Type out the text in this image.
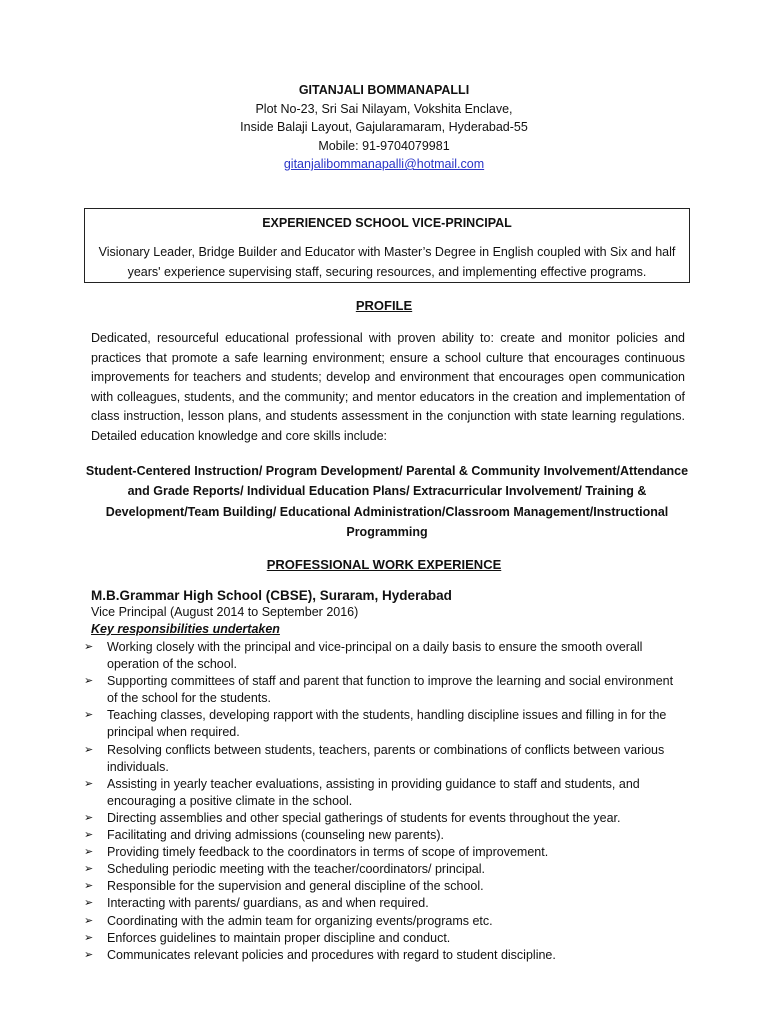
GITANJALI BOMMANAPALLI
Plot No-23, Sri Sai Nilayam, Vokshita Enclave,
Inside Balaji Layout, Gajularamaram, Hyderabad-55
Mobile: 91-9704079981
gitanjalibommanapalli@hotmail.com
EXPERIENCED SCHOOL VICE-PRINCIPAL
Visionary Leader, Bridge Builder and Educator with Master’s Degree in English coupled with Six and half years' experience supervising staff, securing resources, and implementing effective programs.
PROFILE
Dedicated, resourceful educational professional with proven ability to: create and monitor policies and practices that promote a safe learning environment; ensure a school culture that encourages continuous improvements for teachers and students; develop and environment that encourages open communication with colleagues, students, and the community; and mentor educators in the creation and implementation of class instruction, lesson plans, and students assessment in the conjunction with state learning regulations. Detailed education knowledge and core skills include:
Student-Centered Instruction/ Program Development/ Parental & Community Involvement/Attendance and Grade Reports/ Individual Education Plans/ Extracurricular Involvement/ Training & Development/Team Building/ Educational Administration/Classroom Management/Instructional Programming
PROFESSIONAL WORK EXPERIENCE
M.B.Grammar High School (CBSE), Suraram, Hyderabad
Vice Principal (August 2014 to September 2016)
Key responsibilities undertaken
➢ Working closely with the principal and vice-principal on a daily basis to ensure the smooth overall operation of the school.
➢ Supporting committees of staff and parent that function to improve the learning and social environment of the school for the students.
➢ Teaching classes, developing rapport with the students, handling discipline issues and filling in for the principal when required.
➢ Resolving conflicts between students, teachers, parents or combinations of conflicts between various individuals.
➢ Assisting in yearly teacher evaluations, assisting in providing guidance to staff and students, and encouraging a positive climate in the school.
➢ Directing assemblies and other special gatherings of students for events throughout the year.
➢ Facilitating and driving admissions (counseling new parents).
➢ Providing timely feedback to the coordinators in terms of scope of improvement.
➢ Scheduling periodic meeting with the teacher/coordinators/ principal.
➢ Responsible for the supervision and general discipline of the school.
➢ Interacting with parents/ guardians, as and when required.
➢ Coordinating with the admin team for organizing events/programs etc.
➢ Enforces guidelines to maintain proper discipline and conduct.
➢ Communicates relevant policies and procedures with regard to student discipline.
